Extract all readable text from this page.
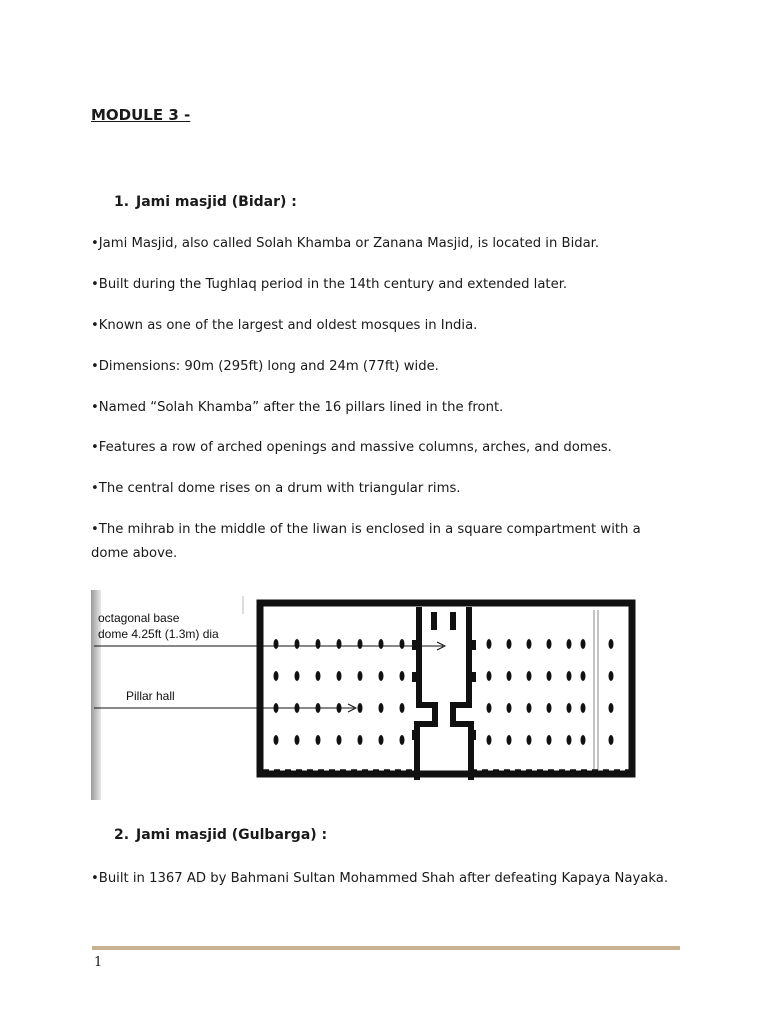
MODULE 3 -
1. Jami masjid (Bidar) :

•Jami Masjid, also called Solah Khamba or Zanana Masjid, is located in Bidar.

•Built during the Tughlaq period in the 14th century and extended later.

•Known as one of the largest and oldest mosques in India.

•Dimensions: 90m (295ft) long and 24m (77ft) wide.

•Named “Solah Khamba” after the 16 pillars lined in the front.

•Features a row of arched openings and massive columns, arches, and domes.

•The central dome rises on a drum with triangular rims.

•The mihrab in the middle of the liwan is enclosed in a square compartment with a dome above.

octagonal base
dome 4.25ft (1.3m) dia
Pillar hall
2. Jami masjid (Gulbarga) :

•Built in 1367 AD by Bahmani Sultan Mohammed Shah after defeating Kapaya Nayaka.

1
